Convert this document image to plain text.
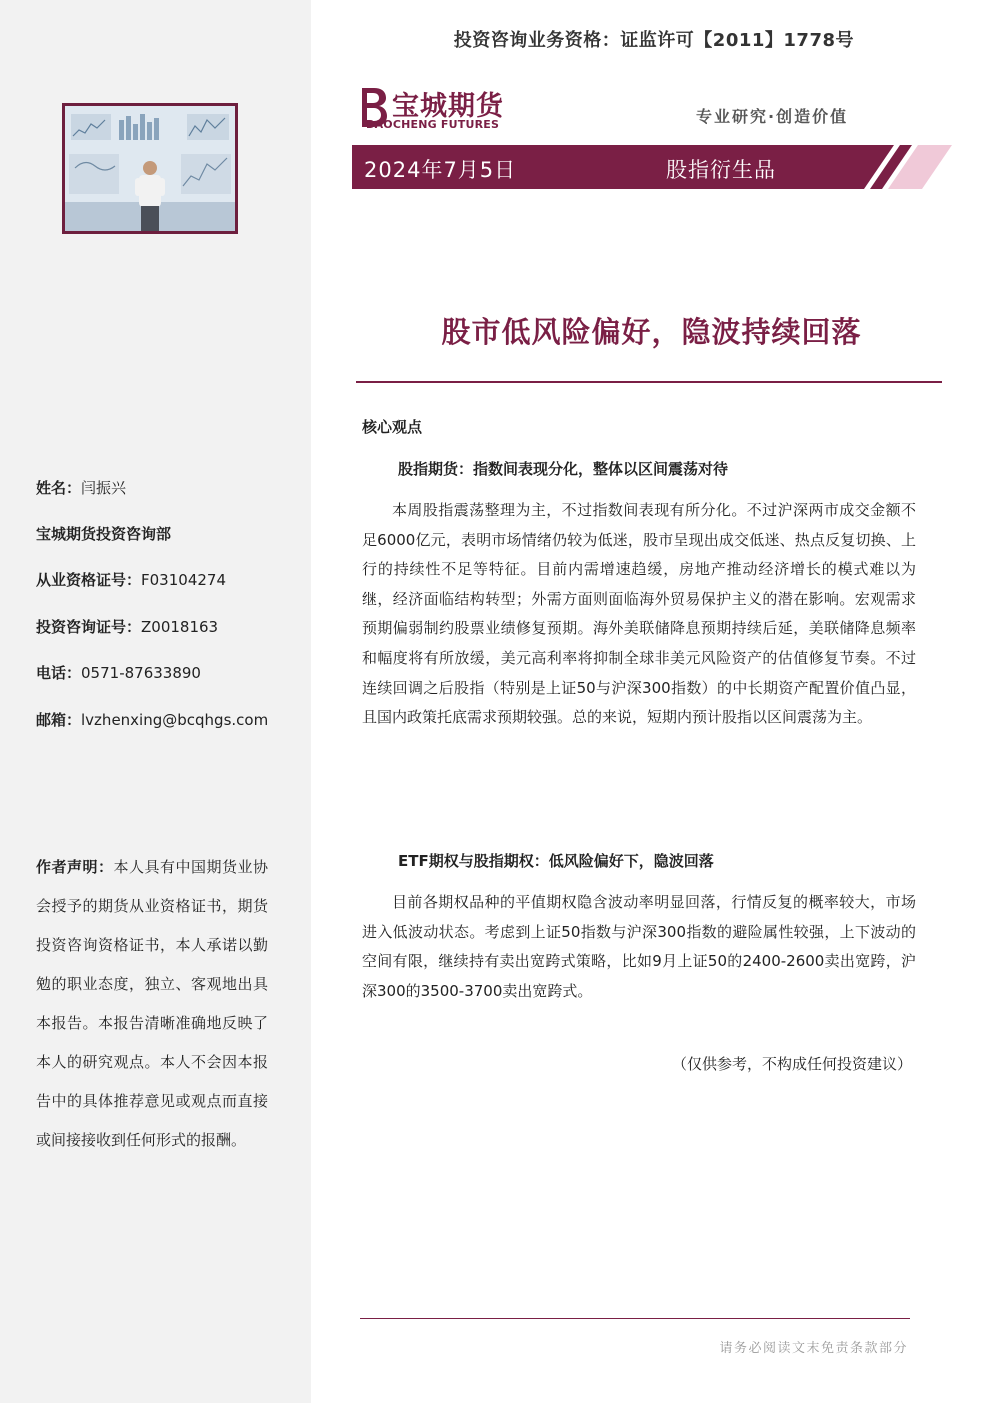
姓名：闫振兴
宝城期货投资咨询部
从业资格证号：F03104274
投资咨询证号：Z0018163
电话：0571-87633890
邮箱：lvzhenxing@bcqhgs.com

作者声明：本人具有中国期货业协会授予的期货从业资格证书，期货投资咨询资格证书，本人承诺以勤勉的职业态度，独立、客观地出具本报告。本报告清晰准确地反映了本人的研究观点。本人不会因本报告中的具体推荐意见或观点而直接或间接接收到任何形式的报酬。

投资咨询业务资格：证监许可【2011】1778号
宝城期货
BAOCHENG FUTURES	专业研究·创造价值
2024年7月5日	股指衍生品
股市低风险偏好，隐波持续回落
核心观点
股指期货：指数间表现分化，整体以区间震荡对待

本周股指震荡整理为主，不过指数间表现有所分化。不过沪深两市成交金额不足6000亿元，表明市场情绪仍较为低迷，股市呈现出成交低迷、热点反复切换、上行的持续性不足等特征。目前内需增速趋缓，房地产推动经济增长的模式难以为继，经济面临结构转型；外需方面则面临海外贸易保护主义的潜在影响。宏观需求预期偏弱制约股票业绩修复预期。海外美联储降息预期持续后延，美联储降息频率和幅度将有所放缓，美元高利率将抑制全球非美元风险资产的估值修复节奏。不过连续回调之后股指（特别是上证50与沪深300指数）的中长期资产配置价值凸显，且国内政策托底需求预期较强。总的来说，短期内预计股指以区间震荡为主。

ETF期权与股指期权：低风险偏好下，隐波回落

目前各期权品种的平值期权隐含波动率明显回落，行情反复的概率较大，市场进入低波动状态。考虑到上证50指数与沪深300指数的避险属性较强，上下波动的空间有限，继续持有卖出宽跨式策略，比如9月上证50的2400-2600卖出宽跨，沪深300的3500-3700卖出宽跨式。

（仅供参考，不构成任何投资建议）
请务必阅读文末免责条款部分
